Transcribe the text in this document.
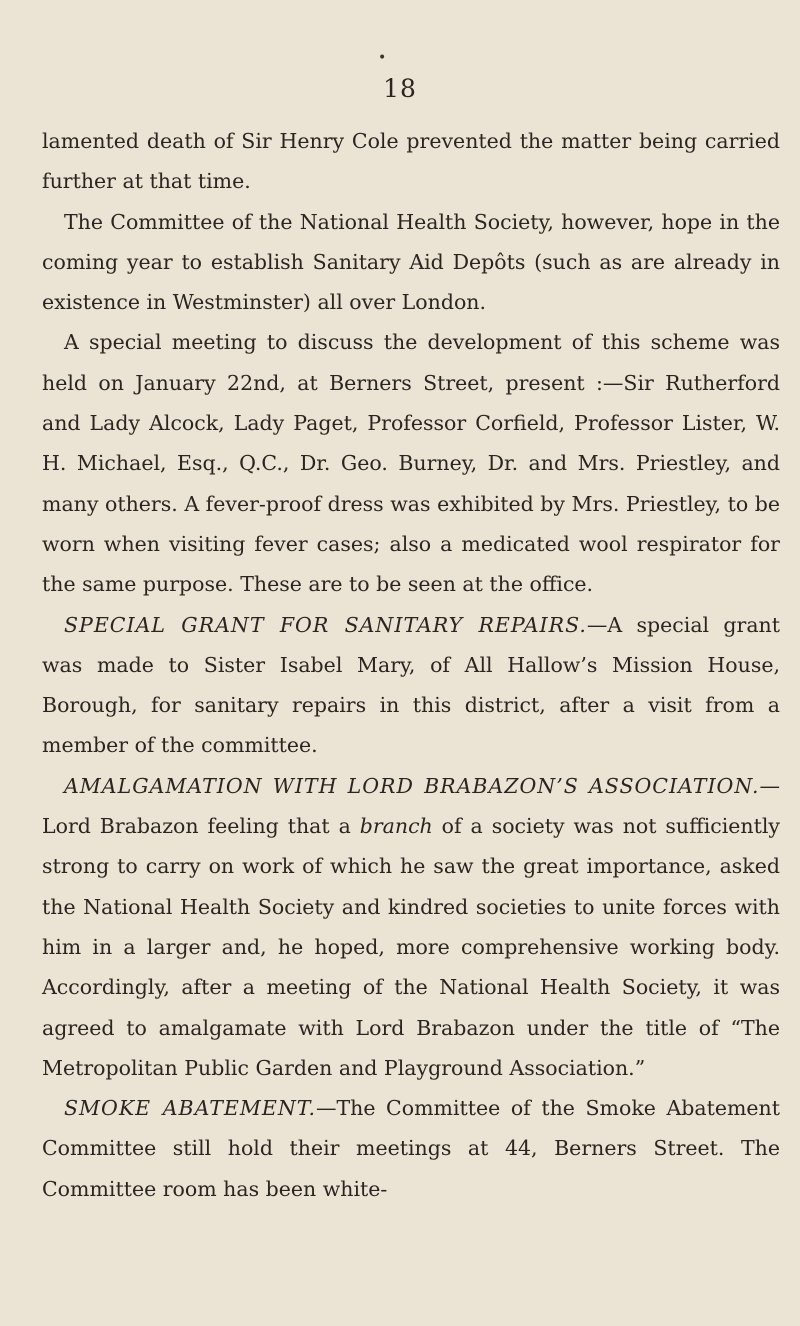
• 18

lamented death of Sir Henry Cole prevented the matter being carried further at that time.

The Committee of the National Health Society, however, hope in the coming year to establish Sanitary Aid Depôts (such as are already in existence in Westminster) all over London.

A special meeting to discuss the development of this scheme was held on January 22nd, at Berners Street, present :—Sir Rutherford and Lady Alcock, Lady Paget, Professor Corfield, Professor Lister, W. H. Michael, Esq., Q.C., Dr. Geo. Burney, Dr. and Mrs. Priestley, and many others. A fever-proof dress was exhibited by Mrs. Priestley, to be worn when visiting fever cases; also a medicated wool respirator for the same purpose. These are to be seen at the office.

SPECIAL GRANT FOR SANITARY REPAIRS.—A special grant was made to Sister Isabel Mary, of All Hallow’s Mission House, Borough, for sanitary repairs in this district, after a visit from a member of the committee.

AMALGAMATION WITH LORD BRABAZON’S ASSOCIATION.—Lord Brabazon feeling that a branch of a society was not sufficiently strong to carry on work of which he saw the great importance, asked the National Health Society and kindred societies to unite forces with him in a larger and, he hoped, more comprehensive working body. Accordingly, after a meeting of the National Health Society, it was agreed to amalgamate with Lord Brabazon under the title of “The Metropolitan Public Garden and Playground Association.”

SMOKE ABATEMENT.—The Committee of the Smoke Abatement Committee still hold their meetings at 44, Berners Street. The Committee room has been white-
